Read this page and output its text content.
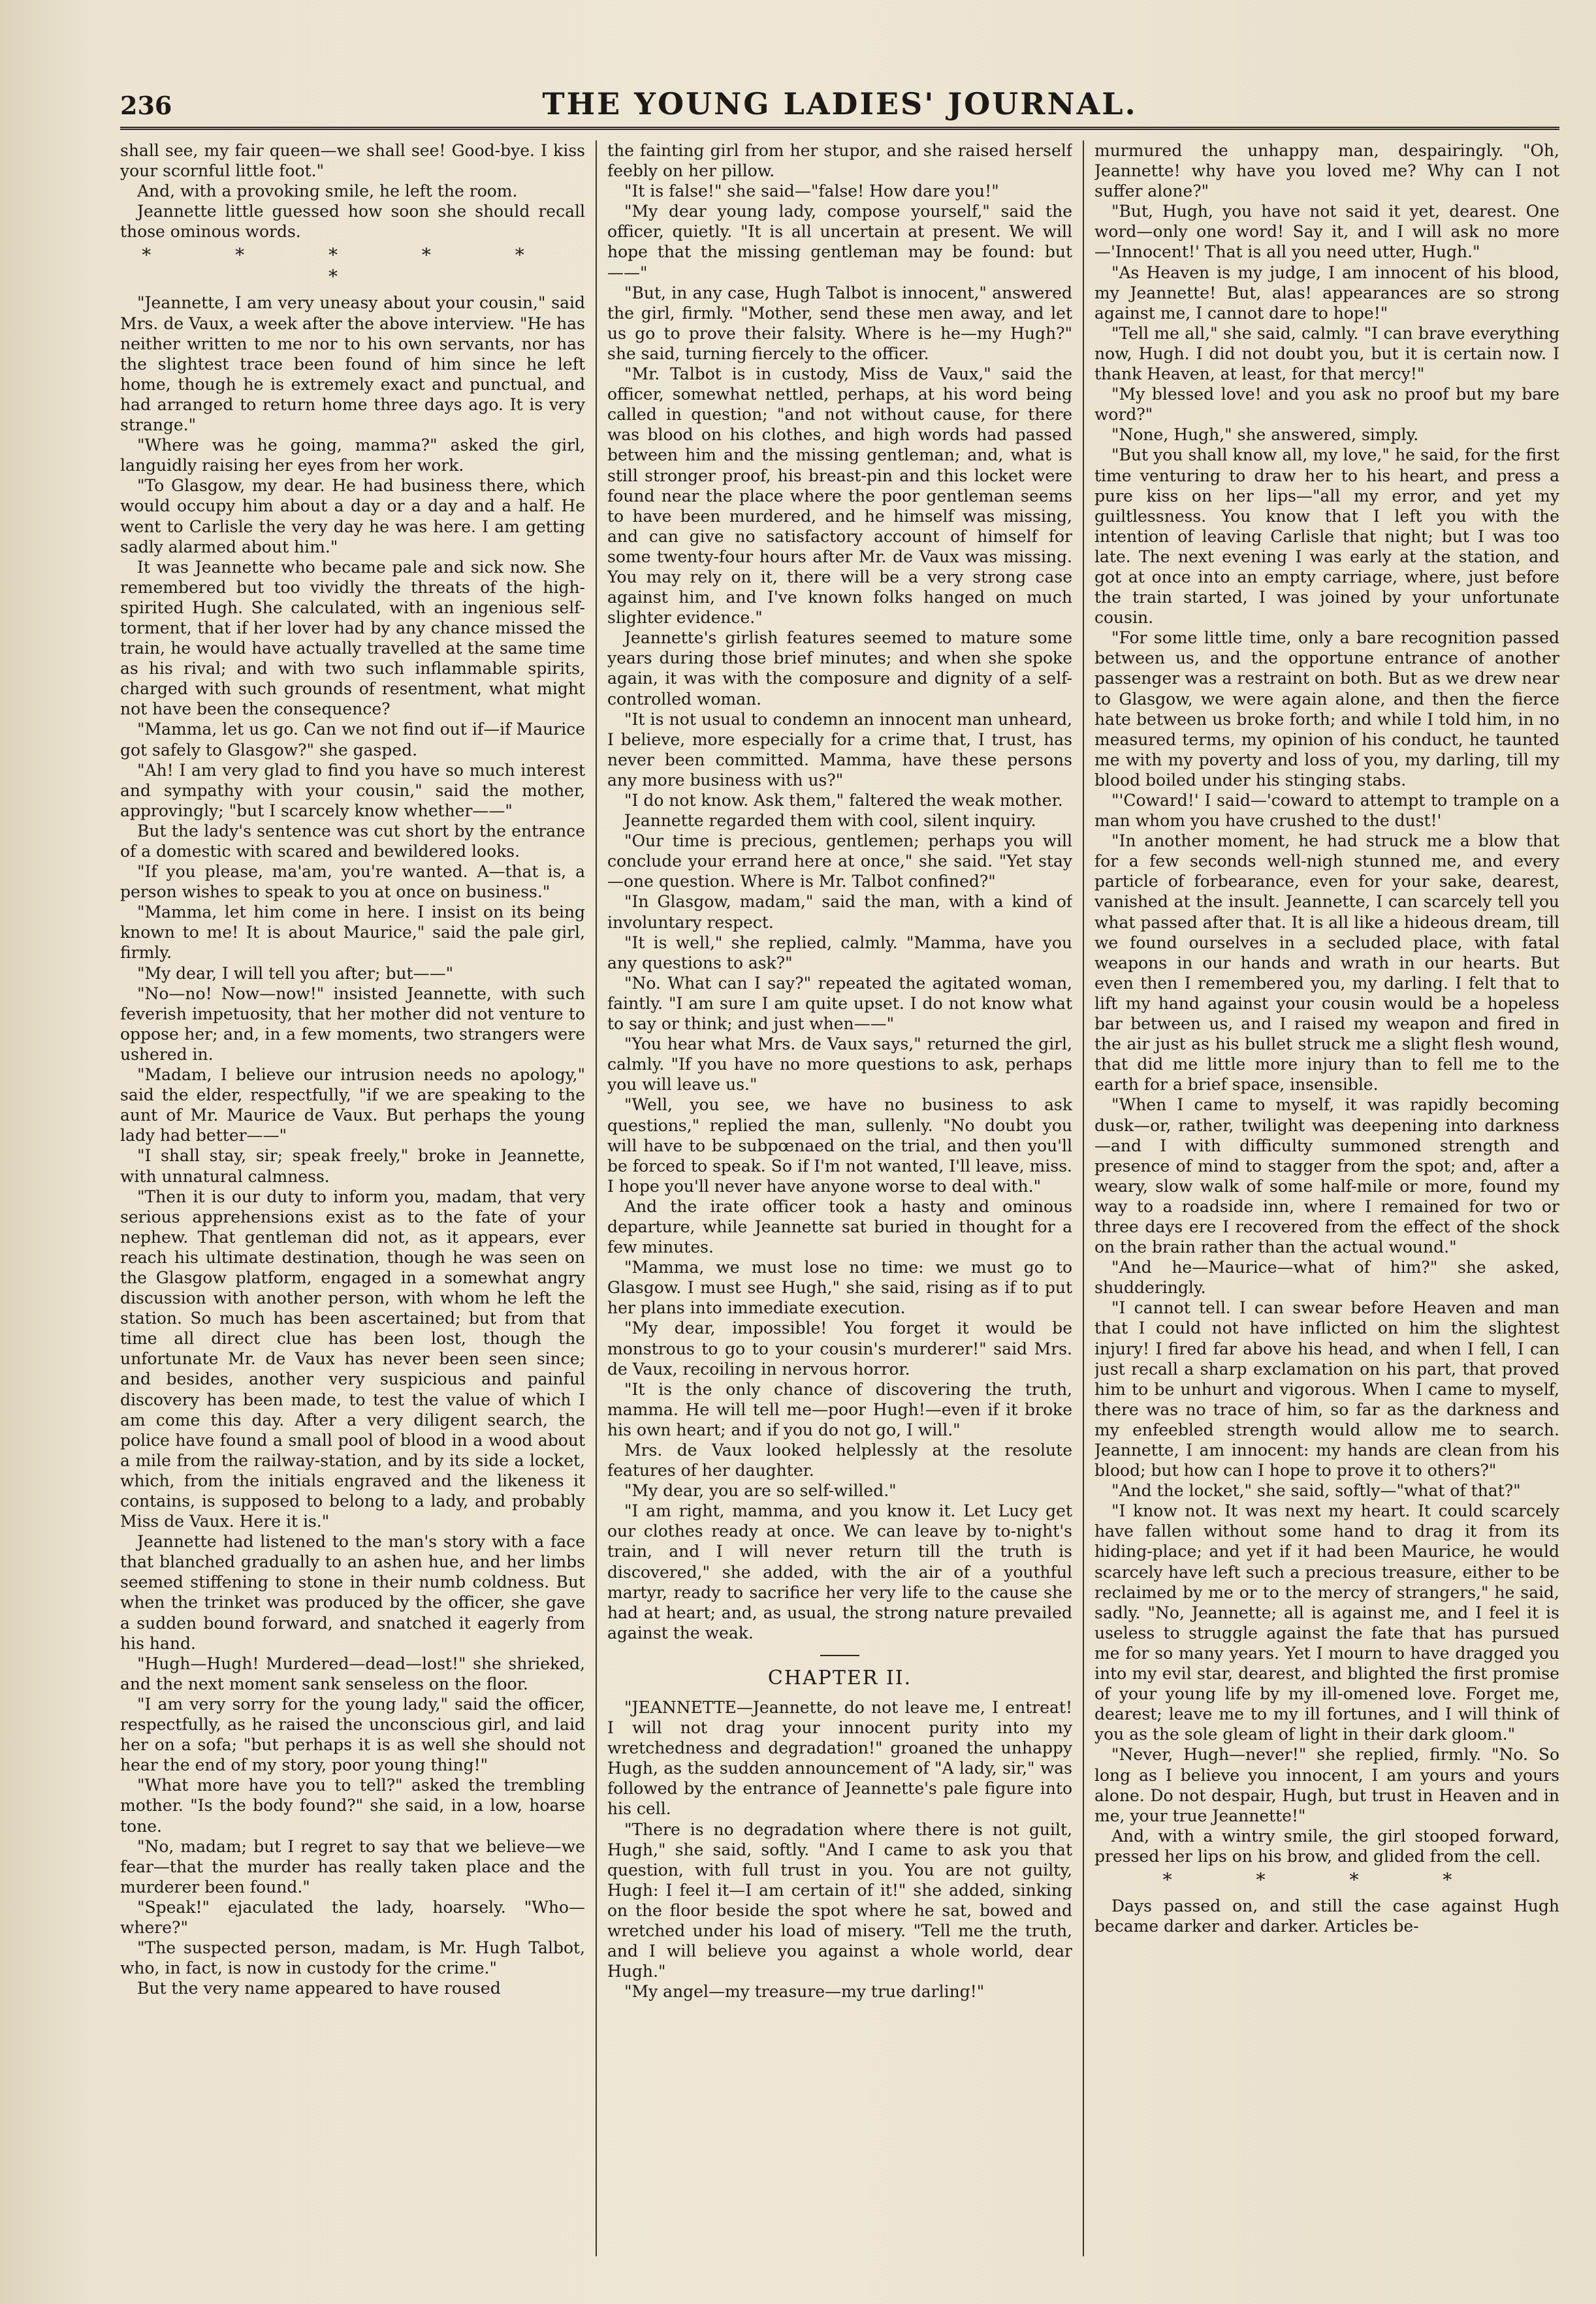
236	THE YOUNG LADIES' JOURNAL.

shall see, my fair queen—we shall see! Good-bye. I kiss your scornful little foot."

And, with a provoking smile, he left the room.

Jeannette little guessed how soon she should recall those ominous words.

* * * * * *

"Jeannette, I am very uneasy about your cousin," said Mrs. de Vaux, a week after the above interview. "He has neither written to me nor to his own servants, nor has the slightest trace been found of him since he left home, though he is extremely exact and punctual, and had arranged to return home three days ago. It is very strange."

"Where was he going, mamma?" asked the girl, languidly raising her eyes from her work.

"To Glasgow, my dear. He had business there, which would occupy him about a day or a day and a half. He went to Carlisle the very day he was here. I am getting sadly alarmed about him."

It was Jeannette who became pale and sick now. She remembered but too vividly the threats of the high-spirited Hugh. She calculated, with an ingenious self-torment, that if her lover had by any chance missed the train, he would have actually travelled at the same time as his rival; and with two such inflammable spirits, charged with such grounds of resentment, what might not have been the consequence?

"Mamma, let us go. Can we not find out if—if Maurice got safely to Glasgow?" she gasped.

"Ah! I am very glad to find you have so much interest and sympathy with your cousin," said the mother, approvingly; "but I scarcely know whether——"

But the lady's sentence was cut short by the entrance of a domestic with scared and bewildered looks.

"If you please, ma'am, you're wanted. A—that is, a person wishes to speak to you at once on business."

"Mamma, let him come in here. I insist on its being known to me! It is about Maurice," said the pale girl, firmly.

"My dear, I will tell you after; but——"

"No—no! Now—now!" insisted Jeannette, with such feverish impetuosity, that her mother did not venture to oppose her; and, in a few moments, two strangers were ushered in.

"Madam, I believe our intrusion needs no apology," said the elder, respectfully, "if we are speaking to the aunt of Mr. Maurice de Vaux. But perhaps the young lady had better——"

"I shall stay, sir; speak freely," broke in Jeannette, with unnatural calmness.

"Then it is our duty to inform you, madam, that very serious apprehensions exist as to the fate of your nephew. That gentleman did not, as it appears, ever reach his ultimate destination, though he was seen on the Glasgow platform, engaged in a somewhat angry discussion with another person, with whom he left the station. So much has been ascertained; but from that time all direct clue has been lost, though the unfortunate Mr. de Vaux has never been seen since; and besides, another very suspicious and painful discovery has been made, to test the value of which I am come this day. After a very diligent search, the police have found a small pool of blood in a wood about a mile from the railway-station, and by its side a locket, which, from the initials engraved and the likeness it contains, is supposed to belong to a lady, and probably Miss de Vaux. Here it is."

Jeannette had listened to the man's story with a face that blanched gradually to an ashen hue, and her limbs seemed stiffening to stone in their numb coldness. But when the trinket was produced by the officer, she gave a sudden bound forward, and snatched it eagerly from his hand.

"Hugh—Hugh! Murdered—dead—lost!" she shrieked, and the next moment sank senseless on the floor.

"I am very sorry for the young lady," said the officer, respectfully, as he raised the unconscious girl, and laid her on a sofa; "but perhaps it is as well she should not hear the end of my story, poor young thing!"

"What more have you to tell?" asked the trembling mother. "Is the body found?" she said, in a low, hoarse tone.

"No, madam; but I regret to say that we believe—we fear—that the murder has really taken place and the murderer been found."

"Speak!" ejaculated the lady, hoarsely. "Who—where?"

"The suspected person, madam, is Mr. Hugh Talbot, who, in fact, is now in custody for the crime."

But the very name appeared to have roused

the fainting girl from her stupor, and she raised herself feebly on her pillow.

"It is false!" she said—"false! How dare you!"

"My dear young lady, compose yourself," said the officer, quietly. "It is all uncertain at present. We will hope that the missing gentleman may be found: but——"

"But, in any case, Hugh Talbot is innocent," answered the girl, firmly. "Mother, send these men away, and let us go to prove their falsity. Where is he—my Hugh?" she said, turning fiercely to the officer.

"Mr. Talbot is in custody, Miss de Vaux," said the officer, somewhat nettled, perhaps, at his word being called in question; "and not without cause, for there was blood on his clothes, and high words had passed between him and the missing gentleman; and, what is still stronger proof, his breast-pin and this locket were found near the place where the poor gentleman seems to have been murdered, and he himself was missing, and can give no satisfactory account of himself for some twenty-four hours after Mr. de Vaux was missing. You may rely on it, there will be a very strong case against him, and I've known folks hanged on much slighter evidence."

Jeannette's girlish features seemed to mature some years during those brief minutes; and when she spoke again, it was with the composure and dignity of a self-controlled woman.

"It is not usual to condemn an innocent man unheard, I believe, more especially for a crime that, I trust, has never been committed. Mamma, have these persons any more business with us?"

"I do not know. Ask them," faltered the weak mother.

Jeannette regarded them with cool, silent inquiry.

"Our time is precious, gentlemen; perhaps you will conclude your errand here at once," she said. "Yet stay—one question. Where is Mr. Talbot confined?"

"In Glasgow, madam," said the man, with a kind of involuntary respect.

"It is well," she replied, calmly. "Mamma, have you any questions to ask?"

"No. What can I say?" repeated the agitated woman, faintly. "I am sure I am quite upset. I do not know what to say or think; and just when——"

"You hear what Mrs. de Vaux says," returned the girl, calmly. "If you have no more questions to ask, perhaps you will leave us."

"Well, you see, we have no business to ask questions," replied the man, sullenly. "No doubt you will have to be subpœnaed on the trial, and then you'll be forced to speak. So if I'm not wanted, I'll leave, miss. I hope you'll never have anyone worse to deal with."

And the irate officer took a hasty and ominous departure, while Jeannette sat buried in thought for a few minutes.

"Mamma, we must lose no time: we must go to Glasgow. I must see Hugh," she said, rising as if to put her plans into immediate execution.

"My dear, impossible! You forget it would be monstrous to go to your cousin's murderer!" said Mrs. de Vaux, recoiling in nervous horror.

"It is the only chance of discovering the truth, mamma. He will tell me—poor Hugh!—even if it broke his own heart; and if you do not go, I will."

Mrs. de Vaux looked helplessly at the resolute features of her daughter.

"My dear, you are so self-willed."

"I am right, mamma, and you know it. Let Lucy get our clothes ready at once. We can leave by to-night's train, and I will never return till the truth is discovered," she added, with the air of a youthful martyr, ready to sacrifice her very life to the cause she had at heart; and, as usual, the strong nature prevailed against the weak.

CHAPTER II.

"JEANNETTE—Jeannette, do not leave me, I entreat! I will not drag your innocent purity into my wretchedness and degradation!" groaned the unhappy Hugh, as the sudden announcement of "A lady, sir," was followed by the entrance of Jeannette's pale figure into his cell.

"There is no degradation where there is not guilt, Hugh," she said, softly. "And I came to ask you that question, with full trust in you. You are not guilty, Hugh: I feel it—I am certain of it!" she added, sinking on the floor beside the spot where he sat, bowed and wretched under his load of misery. "Tell me the truth, and I will believe you against a whole world, dear Hugh."

"My angel—my treasure—my true darling!"

murmured the unhappy man, despairingly. "Oh, Jeannette! why have you loved me? Why can I not suffer alone?"

"But, Hugh, you have not said it yet, dearest. One word—only one word! Say it, and I will ask no more—'Innocent!' That is all you need utter, Hugh."

"As Heaven is my judge, I am innocent of his blood, my Jeannette! But, alas! appearances are so strong against me, I cannot dare to hope!"

"Tell me all," she said, calmly. "I can brave everything now, Hugh. I did not doubt you, but it is certain now. I thank Heaven, at least, for that mercy!"

"My blessed love! and you ask no proof but my bare word?"

"None, Hugh," she answered, simply.

"But you shall know all, my love," he said, for the first time venturing to draw her to his heart, and press a pure kiss on her lips—"all my error, and yet my guiltlessness. You know that I left you with the intention of leaving Carlisle that night; but I was too late. The next evening I was early at the station, and got at once into an empty carriage, where, just before the train started, I was joined by your unfortunate cousin.

"For some little time, only a bare recognition passed between us, and the opportune entrance of another passenger was a restraint on both. But as we drew near to Glasgow, we were again alone, and then the fierce hate between us broke forth; and while I told him, in no measured terms, my opinion of his conduct, he taunted me with my poverty and loss of you, my darling, till my blood boiled under his stinging stabs.

"'Coward!' I said—'coward to attempt to trample on a man whom you have crushed to the dust!'

"In another moment, he had struck me a blow that for a few seconds well-nigh stunned me, and every particle of forbearance, even for your sake, dearest, vanished at the insult. Jeannette, I can scarcely tell you what passed after that. It is all like a hideous dream, till we found ourselves in a secluded place, with fatal weapons in our hands and wrath in our hearts. But even then I remembered you, my darling. I felt that to lift my hand against your cousin would be a hopeless bar between us, and I raised my weapon and fired in the air just as his bullet struck me a slight flesh wound, that did me little more injury than to fell me to the earth for a brief space, insensible.

"When I came to myself, it was rapidly becoming dusk—or, rather, twilight was deepening into darkness—and I with difficulty summoned strength and presence of mind to stagger from the spot; and, after a weary, slow walk of some half-mile or more, found my way to a roadside inn, where I remained for two or three days ere I recovered from the effect of the shock on the brain rather than the actual wound."

"And he—Maurice—what of him?" she asked, shudderingly.

"I cannot tell. I can swear before Heaven and man that I could not have inflicted on him the slightest injury! I fired far above his head, and when I fell, I can just recall a sharp exclamation on his part, that proved him to be unhurt and vigorous. When I came to myself, there was no trace of him, so far as the darkness and my enfeebled strength would allow me to search. Jeannette, I am innocent: my hands are clean from his blood; but how can I hope to prove it to others?"

"And the locket," she said, softly—"what of that?"

"I know not. It was next my heart. It could scarcely have fallen without some hand to drag it from its hiding-place; and yet if it had been Maurice, he would scarcely have left such a precious treasure, either to be reclaimed by me or to the mercy of strangers," he said, sadly. "No, Jeannette; all is against me, and I feel it is useless to struggle against the fate that has pursued me for so many years. Yet I mourn to have dragged you into my evil star, dearest, and blighted the first promise of your young life by my ill-omened love. Forget me, dearest; leave me to my ill fortunes, and I will think of you as the sole gleam of light in their dark gloom."

"Never, Hugh—never!" she replied, firmly. "No. So long as I believe you innocent, I am yours and yours alone. Do not despair, Hugh, but trust in Heaven and in me, your true Jeannette!"

And, with a wintry smile, the girl stooped forward, pressed her lips on his brow, and glided from the cell.

* * * *

Days passed on, and still the case against Hugh became darker and darker. Articles be-
